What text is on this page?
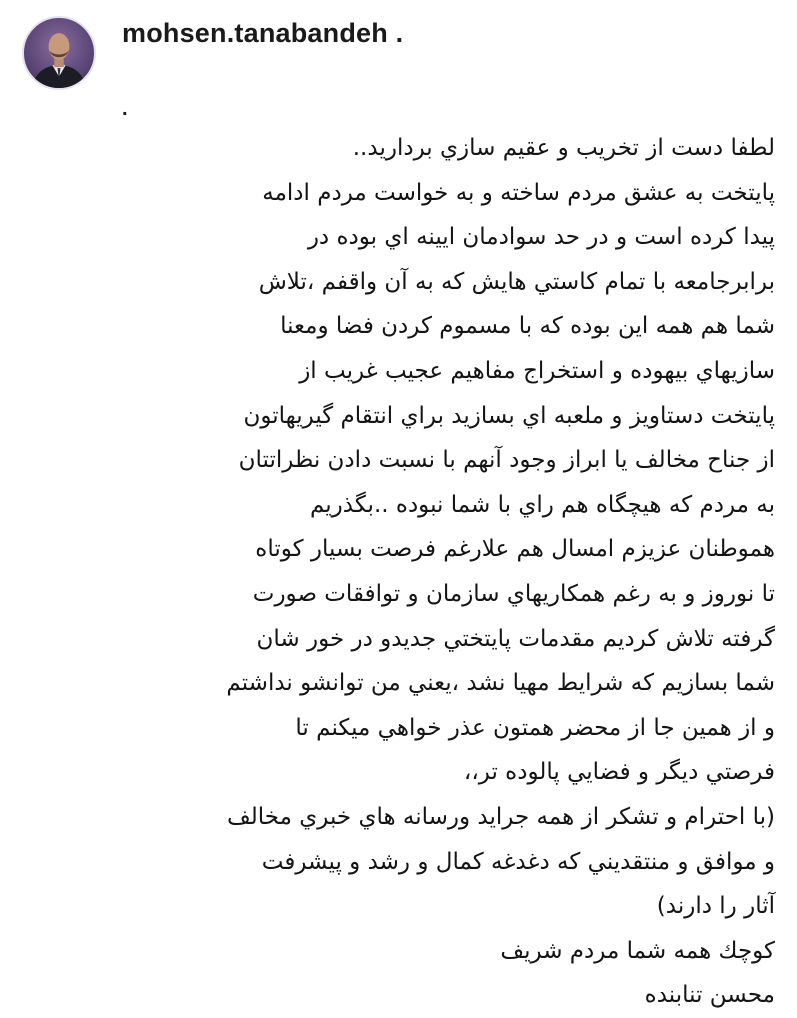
mohsen.tanabandeh .
.
لطفا دست از تخريب و عقيم سازي برداريد..
پايتخت به عشق مردم ساخته و به خواست مردم ادامه
پيدا كرده است و در حد سوادمان ايينه اي بوده در
برابرجامعه با تمام كاستي هايش كه به آن واقفم ،تلاش
شما هم همه اين بوده كه با مسموم كردن فضا ومعنا
سازيهاي بيهوده و استخراج مفاهيم عجيب غريب از
پايتخت دستاويز و ملعبه اي بسازيد براي انتقام گيريهاتون
از جناح مخالف يا ابراز وجود آنهم با نسبت دادن نظراتتان
به مردم كه هيچگاه هم راي با شما نبوده ..بگذريم
هموطنان عزيزم امسال هم علارغم فرصت بسيار كوتاه
تا نوروز و به رغم همكاريهاي سازمان و توافقات صورت
گرفته تلاش كرديم مقدمات پايتختي جديدو در خور شان
شما بسازيم كه شرايط مهيا نشد ،يعني من توانشو نداشتم
و از همين جا از محضر همتون عذر خواهي ميكنم تا
فرصتي ديگر و فضايي پالوده تر،،
(با احترام و تشكر از همه جرايد ورسانه هاي خبري مخالف
و موافق و منتقديني كه دغدغه كمال و رشد و پيشرفت
آثار را دارند)
كوچك همه شما مردم شريف
محسن تنابنده
